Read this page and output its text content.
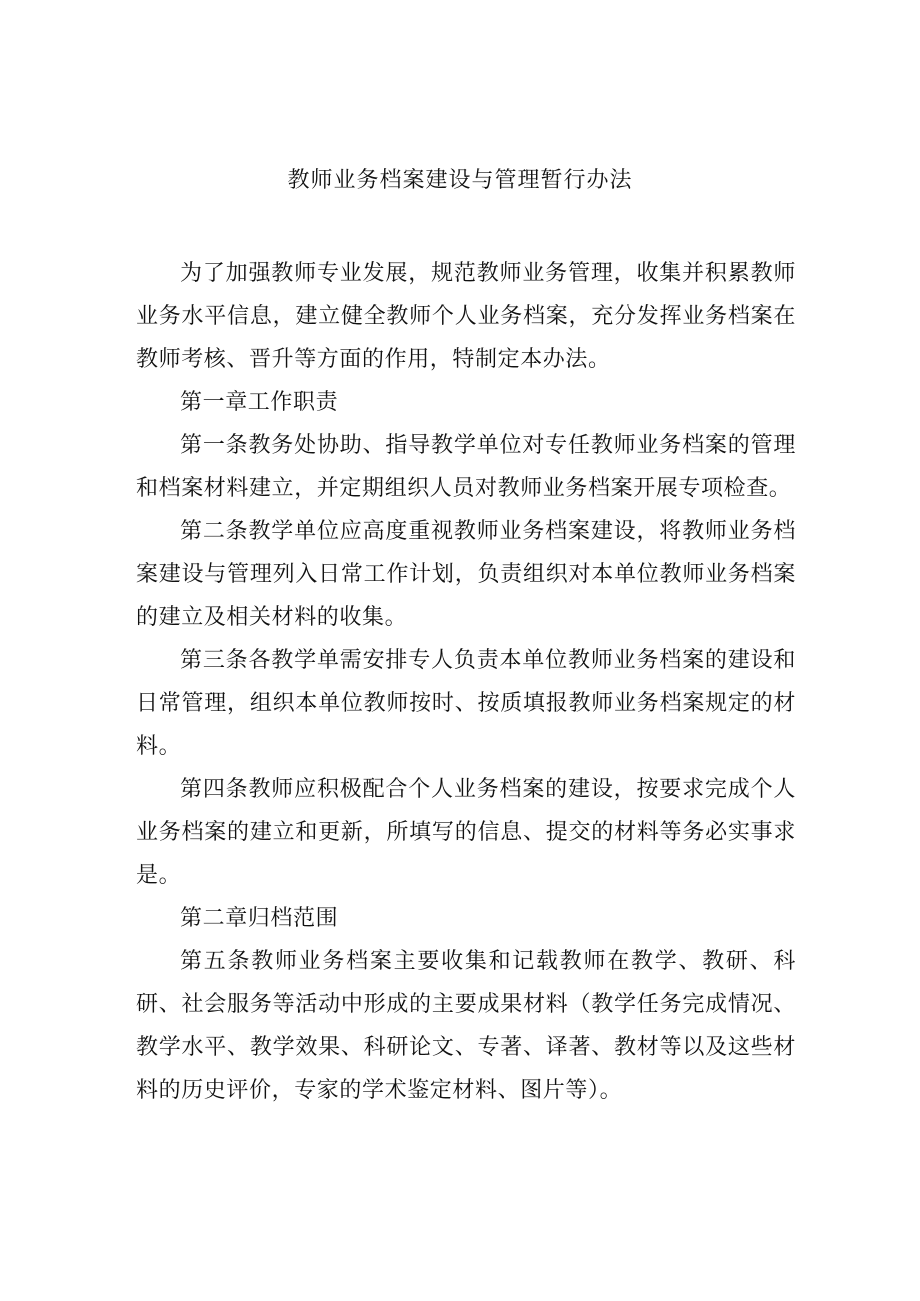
教师业务档案建设与管理暂行办法

为了加强教师专业发展，规范教师业务管理，收集并积累教师业务水平信息，建立健全教师个人业务档案，充分发挥业务档案在教师考核、晋升等方面的作用，特制定本办法。

第一章工作职责

第一条教务处协助、指导教学单位对专任教师业务档案的管理和档案材料建立，并定期组织人员对教师业务档案开展专项检查。

第二条教学单位应高度重视教师业务档案建设，将教师业务档案建设与管理列入日常工作计划，负责组织对本单位教师业务档案的建立及相关材料的收集。

第三条各教学单需安排专人负责本单位教师业务档案的建设和日常管理，组织本单位教师按时、按质填报教师业务档案规定的材料。

第四条教师应积极配合个人业务档案的建设，按要求完成个人业务档案的建立和更新，所填写的信息、提交的材料等务必实事求是。

第二章归档范围

第五条教师业务档案主要收集和记载教师在教学、教研、科研、社会服务等活动中形成的主要成果材料（教学任务完成情况、教学水平、教学效果、科研论文、专著、译著、教材等以及这些材料的历史评价，专家的学术鉴定材料、图片等）。
